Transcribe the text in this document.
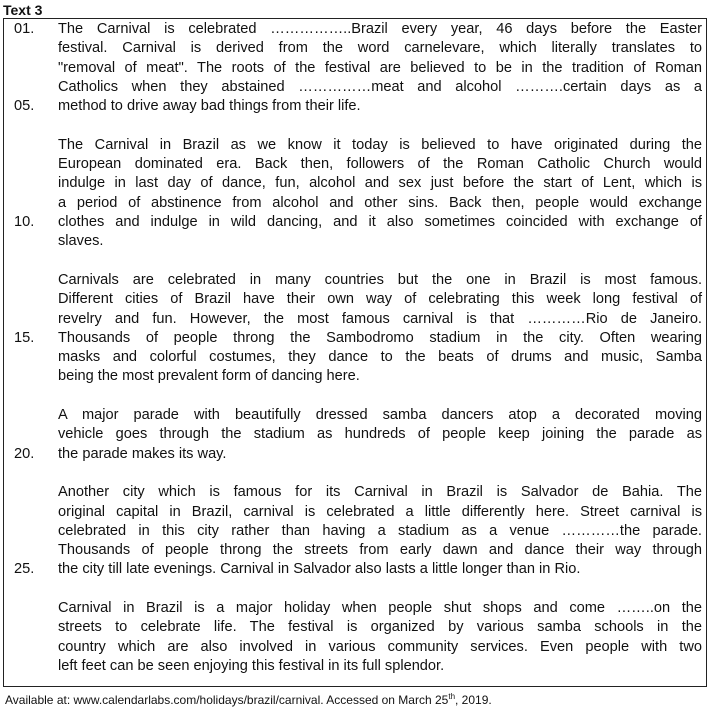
Text 3
01.	The Carnival is celebrated ……………..Brazil every year, 46 days before the Easter
festival. Carnival is derived from the word carnelevare, which literally translates to
"removal of meat". The roots of the festival are believed to be in the tradition of Roman
Catholics when they abstained ……………meat and alcohol ……….certain days as a
05.	method to drive away bad things from their life.
The Carnival in Brazil as we know it today is believed to have originated during the
European dominated era. Back then, followers of the Roman Catholic Church would
indulge in last day of dance, fun, alcohol and sex just before the start of Lent, which is
a period of abstinence from alcohol and other sins. Back then, people would exchange
10.	clothes and indulge in wild dancing, and it also sometimes coincided with exchange of
slaves.
Carnivals are celebrated in many countries but the one in Brazil is most famous.
Different cities of Brazil have their own way of celebrating this week long festival of
revelry and fun. However, the most famous carnival is that …………Rio de Janeiro.
15.	Thousands of people throng the Sambodromo stadium in the city. Often wearing
masks and colorful costumes, they dance to the beats of drums and music, Samba
being the most prevalent form of dancing here.
A major parade with beautifully dressed samba dancers atop a decorated moving
vehicle goes through the stadium as hundreds of people keep joining the parade as
20.	the parade makes its way.
Another city which is famous for its Carnival in Brazil is Salvador de Bahia. The
original capital in Brazil, carnival is celebrated a little differently here. Street carnival is
celebrated in this city rather than having a stadium as a venue …………the parade.
Thousands of people throng the streets from early dawn and dance their way through
25.	the city till late evenings. Carnival in Salvador also lasts a little longer than in Rio.
Carnival in Brazil is a major holiday when people shut shops and come ……..on the
streets to celebrate life. The festival is organized by various samba schools in the
country which are also involved in various community services. Even people with two
left feet can be seen enjoying this festival in its full splendor.
Available at: www.calendarlabs.com/holidays/brazil/carnival. Accessed on March 25th, 2019.
